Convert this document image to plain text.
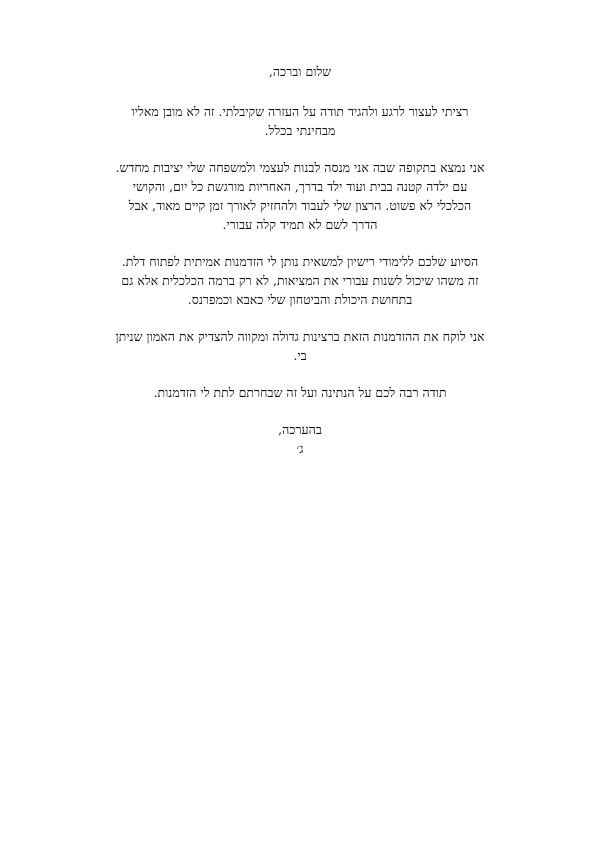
שלום וברכה,

רציתי לעצור לרגע ולהגיד תודה על העזרה שקיבלתי. זה לא מובן מאליו
מבחינתי בכלל.

אני נמצא בתקופה שבה אני מנסה לבנות לעצמי ולמשפחה שלי יציבות מחדש.
עם ילדה קטנה בבית ועוד ילד בדרך, האחריות מורגשת כל יום, והקושי
הכלכלי לא פשוט. הרצון שלי לעבוד ולהחזיק לאורך זמן קיים מאוד, אבל
הדרך לשם לא תמיד קלה עבורי.

הסיוע שלכם ללימודי רישיון למשאית נותן לי הזדמנות אמיתית לפתוח דלת.
זה משהו שיכול לשנות עבורי את המציאות, לא רק ברמה הכלכלית אלא גם
בתחושת היכולת והביטחון שלי כאבא וכמפרנס.

אני לוקח את ההזדמנות הזאת ברצינות גדולה ומקווה להצדיק את האמון שניתן
בי.

תודה רבה לכם על הנתינה ועל זה שבחרתם לתת לי הזדמנות.

בהערכה,
ג׳
